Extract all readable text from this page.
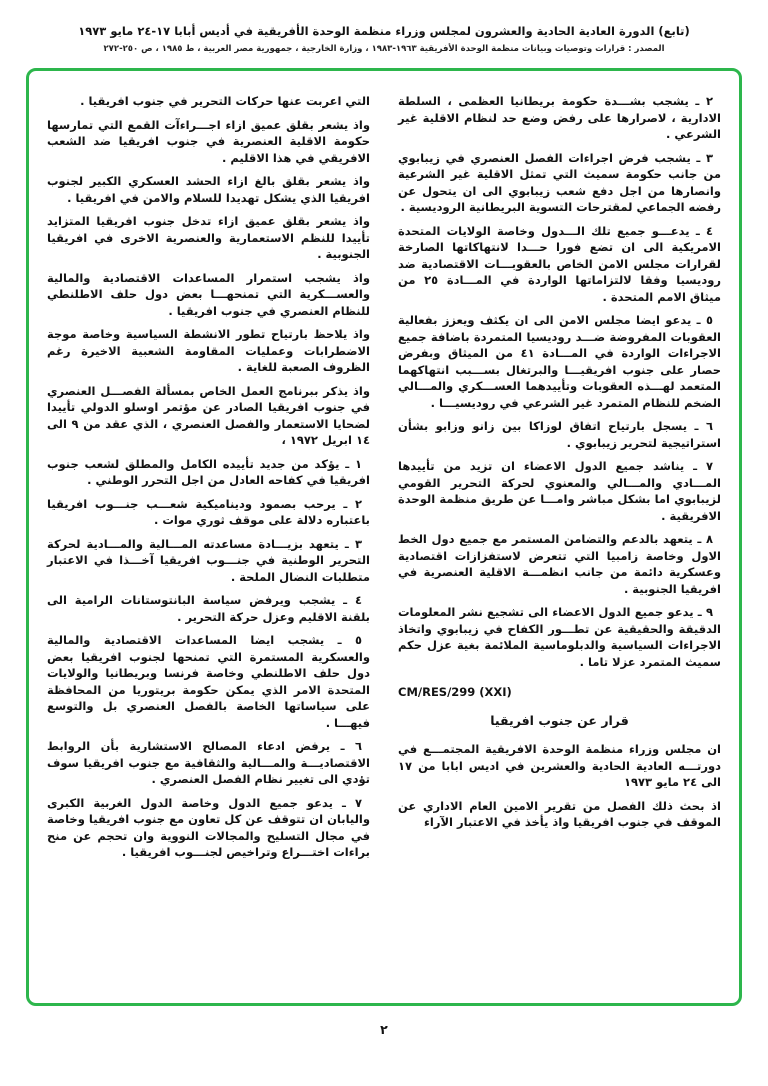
(تابع) الدورة العادية الحادية والعشرون لمجلس وزراء منظمة الوحدة الأفريقية في أديس أبابا ١٧-٢٤ مايو ١٩٧٣
المصدر : قرارات وتوصيات وبيانات منظمة الوحدة الأفريقية ١٩٦٣-١٩٨٣ ، وزارة الخارجية ، جمهورية مصر العربية ، ط ١٩٨٥ ، ص ٢٥٠-٢٧٢

٢ ـ يشجب بشـــدة حكومة بريطانيا العظمى ، السلطة الادارية ، لاصرارها على رفض وضع حد لنظام الاقلية غير الشرعي .

٣ ـ يشجب فرض اجراءات الفصل العنصري في زيبابوي من جانب حكومة سميث التي تمثل الاقلية غير الشرعية وانصارها من اجل دفع شعب زيبابوي الى ان يتحول عن رفضه الجماعي لمقترحات التسوية البريطانية الروديسية .

٤ ـ يدعـــو جميع تلك الـــدول وخاصة الولايات المتحدة الامريكية الى ان تضع فورا حـــدا لانتهاكاتها الصارخة لقرارات مجلس الامن الخاص بالعقوبـــات الاقتصادية ضد روديسيا وفقا لالتزاماتها الواردة في المـــادة ٢٥ من ميثاق الامم المتحدة .

٥ ـ يدعو ايضا مجلس الامن الى ان يكثف ويعزز بفعالية العقوبات المفروضة ضـــد روديسيا المتمردة باضافة جميع الاجراءات الواردة في المـــادة ٤١ من الميثاق وبفرض حصار على جنوب افريقيـــا والبرتغال بســـبب انتهاكهما المتعمد لهـــذه العقوبات وتأييدهما العســـكري والمـــالي الضخم للنظام المتمرد غير الشرعي في روديسيـــا .

٦ ـ يسجل بارتياح اتفاق لوزاكا بين زانو وزابو بشأن استراتيجية لتحرير زيبابوي .

٧ ـ يناشد جميع الدول الاعضاء ان تزيد من تأييدها المـــادي والمـــالي والمعنوي لحركة التحرير القومي لزيبابوي اما بشكل مباشر وامـــا عن طريق منظمة الوحدة الافريقية .

٨ ـ يتعهد بالدعم والتضامن المستمر مع جميع دول الخط الاول وخاصة زامبيا التي تتعرض لاستفزازات اقتصادية وعسكرية دائمة من جانب انظمـــة الاقلية العنصرية في افريقيا الجنوبية .

٩ ـ يدعو جميع الدول الاعضاء الى تشجيع نشر المعلومات الدقيقة والحقيقية عن تطـــور الكفاح في زيبابوي واتخاذ الاجراءات السياسية والدبلوماسية الملائمة بغية عزل حكم سميث المتمرد عزلا تاما .

CM/RES/299 (XXI)

قرار عن جنوب افريقيا

ان مجلس وزراء منظمة الوحدة الافريقية المجتمـــع في دورتـــه العادية الحادية والعشرين في اديس ابابا من ١٧ الى ٢٤ مايو ١٩٧٣

اذ بحث ذلك الفصل من تقرير الامين العام الاداري عن الموقف في جنوب افريقيا واذ يأخذ في الاعتبار الآراء

التي اعربت عنها حركات التحرير في جنوب افريقيا .

واذ يشعر بقلق عميق ازاء اجـــراءآت القمع التي تمارسها حكومة الاقلية العنصرية في جنوب افريقيا ضد الشعب الافريقي في هذا الاقليم .

واذ يشعر بقلق بالغ ازاء الحشد العسكري الكبير لجنوب افريقيا الذي يشكل تهديدا للسلام والامن في افريقيا .

واذ يشعر بقلق عميق ازاء تدخل جنوب افريقيا المتزايد تأييدا للنظم الاستعمارية والعنصرية الاخرى في افريقيا الجنوبية .

واذ يشجب استمرار المساعدات الاقتصادية والمالية والعســـكرية التي تمنحهـــا بعض دول حلف الاطلنطي للنظام العنصري في جنوب افريقيا .

واذ يلاحظ بارتياح تطور الانشطة السياسية وخاصة موجة الاضطرابات وعمليات المقاومة الشعبية الاخيرة رغم الظروف الصعبة للغاية .

واذ يذكر ببرنامج العمل الخاص بمسألة الفصـــل العنصري في جنوب افريقيا الصادر عن مؤتمر اوسلو الدولي تأييدا لضحايا الاستعمار والفصل العنصري ، الذي عقد من ٩ الى ١٤ ابريل ١٩٧٢ ،

١ ـ يؤكد من جديد تأييده الكامل والمطلق لشعب جنوب افريقيا في كفاحه العادل من اجل التحرر الوطني .

٢ ـ يرحب بصمود وديناميكية شعـــب جنـــوب افريقيا باعتباره دلالة على موقف ثوري موات .

٣ ـ يتعهد بزيـــادة مساعدته المـــالية والمـــادية لحركة التحرير الوطنية في جنـــوب افريقيا آخـــذا في الاعتبار متطلبات النضال الملحة .

٤ ـ يشجب ويرفض سياسة البانتوستانات الرامية الى بلقنة الاقليم وعزل حركة التحرير .

٥ ـ يشجب ايضا المساعدات الاقتصادية والمالية والعسكرية المستمرة التي تمنحها لجنوب افريقيا بعض دول حلف الاطلنطي وخاصة فرنسا وبريطانيا والولايات المتحدة الامر الذي يمكن حكومة بريتوريا من المحافظة على سياساتها الخاصة بالفصل العنصري بل والتوسع فيهـــا .

٦ ـ يرفض ادعاء المصالح الاستشارية بأن الروابط الاقتصاديـــة والمـــالية والثقافية مع جنوب افريقيا سوف تؤدي الى تغيير نظام الفصل العنصري .

٧ ـ يدعو جميع الدول وخاصة الدول الغربية الكبرى واليابان ان تتوقف عن كل تعاون مع جنوب افريقيا وخاصة في مجال التسليح والمجالات النووية وان تحجم عن منح براءات اختـــراع وتراخيص لجنـــوب افريقيا .

٢
